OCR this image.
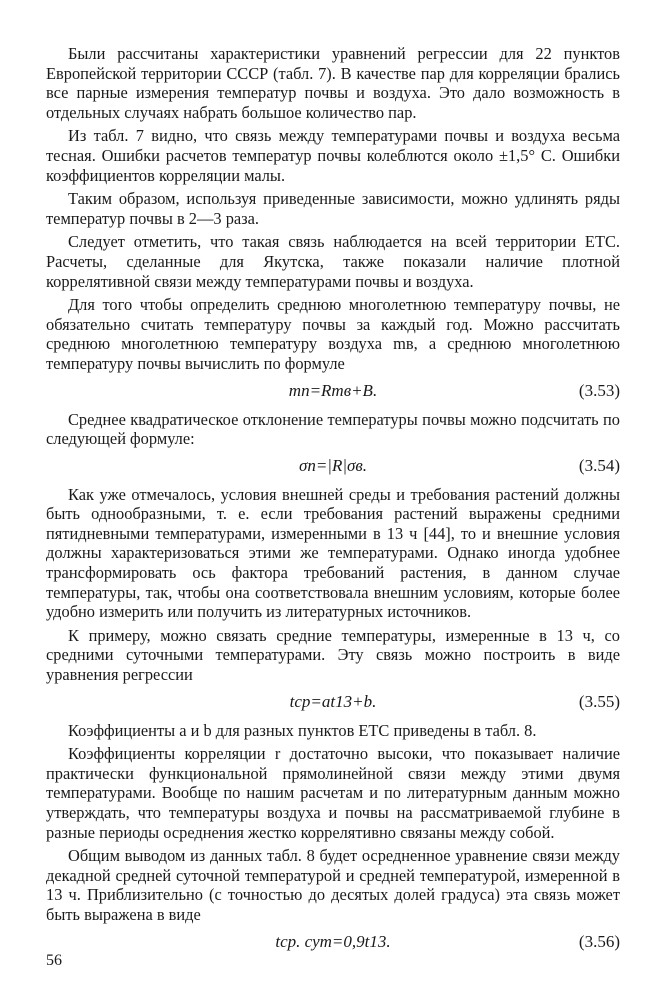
Были рассчитаны характеристики уравнений регрессии для 22 пунктов Европейской территории СССР (табл. 7). В качестве пар для корреляции брались все парные измерения температур почвы и воздуха. Это дало возможность в отдельных случаях набрать большое количество пар.

Из табл. 7 видно, что связь между температурами почвы и воздуха весьма тесная. Ошибки расчетов температур почвы колеблются около ±1,5° С. Ошибки коэффициентов корреляции малы.

Таким образом, используя приведенные зависимости, можно удлинять ряды температур почвы в 2—3 раза.

Следует отметить, что такая связь наблюдается на всей территории ЕТС. Расчеты, сделанные для Якутска, также показали наличие плотной коррелятивной связи между температурами почвы и воздуха.

Для того чтобы определить среднюю многолетнюю температуру почвы, не обязательно считать температуру почвы за каждый год. Можно рассчитать среднюю многолетнюю температуру воздуха mв, а среднюю многолетнюю температуру почвы вычислить по формуле

mп=Rmв+B.	(3.53)

Среднее квадратическое отклонение температуры почвы можно подсчитать по следующей формуле:

σп=|R|σв.	(3.54)

Как уже отмечалось, условия внешней среды и требования растений должны быть однообразными, т. е. если требования растений выражены средними пятидневными температурами, измеренными в 13 ч [44], то и внешние условия должны характеризоваться этими же температурами. Однако иногда удобнее трансформировать ось фактора требований растения, в данном случае температуры, так, чтобы она соответствовала внешним условиям, которые более удобно измерить или получить из литературных источников.

К примеру, можно связать средние температуры, измеренные в 13 ч, со средними суточными температурами. Эту связь можно построить в виде уравнения регрессии

tср=at13+b.	(3.55)

Коэффициенты a и b для разных пунктов ЕТС приведены в табл. 8.

Коэффициенты корреляции r достаточно высоки, что показывает наличие практически функциональной прямолинейной связи между этими двумя температурами. Вообще по нашим расчетам и по литературным данным можно утверждать, что температуры воздуха и почвы на рассматриваемой глубине в разные периоды осреднения жестко коррелятивно связаны между собой.

Общим выводом из данных табл. 8 будет осредненное уравнение связи между декадной средней суточной температурой и средней температурой, измеренной в 13 ч. Приблизительно (с точностью до десятых долей градуса) эта связь может быть выражена в виде

tср. сут=0,9t13.	(3.56)
56
